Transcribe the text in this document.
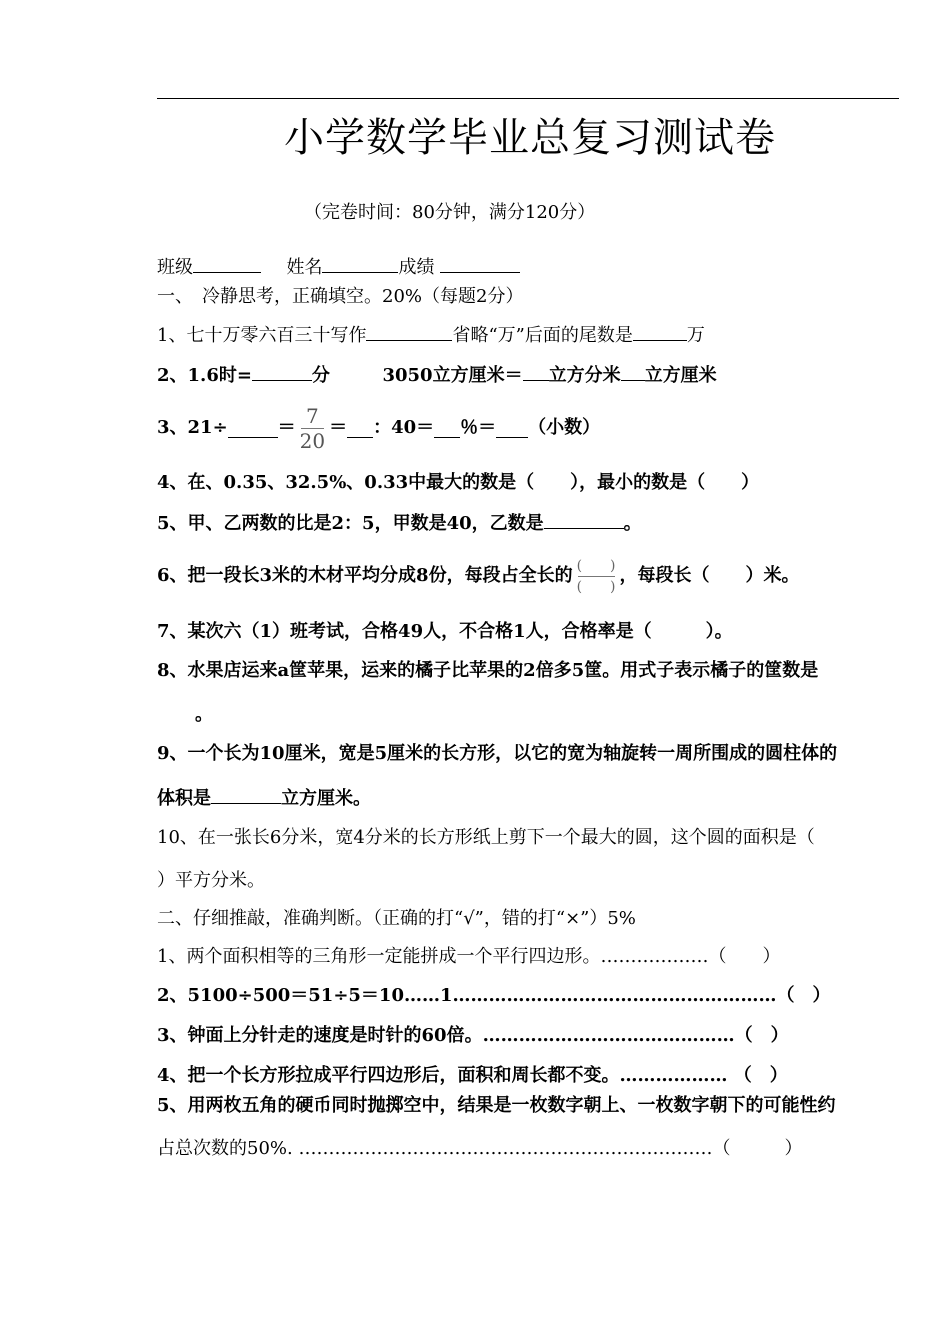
小学数学毕业总复习测试卷
（完卷时间：80分钟，满分120分）
班级	姓名	成绩
一、　冷静思考，正确填空。20%（每题2分）
1、七十万零六百三十写作	省略“万”后面的尾数是	万
2、1.6时=	分	3050立方厘米＝ 立方分米 立方厘米
3、21÷	＝ $\frac{7}{20}$ ＝ ：40＝ ％＝ （小数）
4、在、0.35、32.5%、0.33中最大的数是（　　），最小的数是（　　）
5、甲、乙两数的比是2：5，甲数是40，乙数是	。
6、把一段长3米的木材平均分成8份，每段占全长的 $\frac{( )}{( )}$ ，每段长（　　）米。
7、某次六（1）班考试，合格49人，不合格1人，合格率是（　　　）。
8、水果店运来a筐苹果，运来的橘子比苹果的2倍多5筐。用式子表示橘子的筐数是
。
9、一个长为10厘米，宽是5厘米的长方形，以它的宽为轴旋转一周所围成的圆柱体的
体积是	立方厘米。
10、在一张长6分米，宽4分米的长方形纸上剪下一个最大的圆，这个圆的面积是（
）平方分米。
二、仔细推敲，准确判断。（正确的打“√”，错的打“×”）5%
1、两个面积相等的三角形一定能拼成一个平行四边形。………………（　　）
2、5100÷500＝51÷5＝10……1………………………………………………（　）
3、钟面上分针走的速度是时针的60倍。……………………………………（　）
4、把一个长方形拉成平行四边形后，面积和周长都不变。……………… （　）
5、用两枚五角的硬币同时抛掷空中，结果是一枚数字朝上、一枚数字朝下的可能性约
占总次数的50%. ……………………………………………………………（　　　）
